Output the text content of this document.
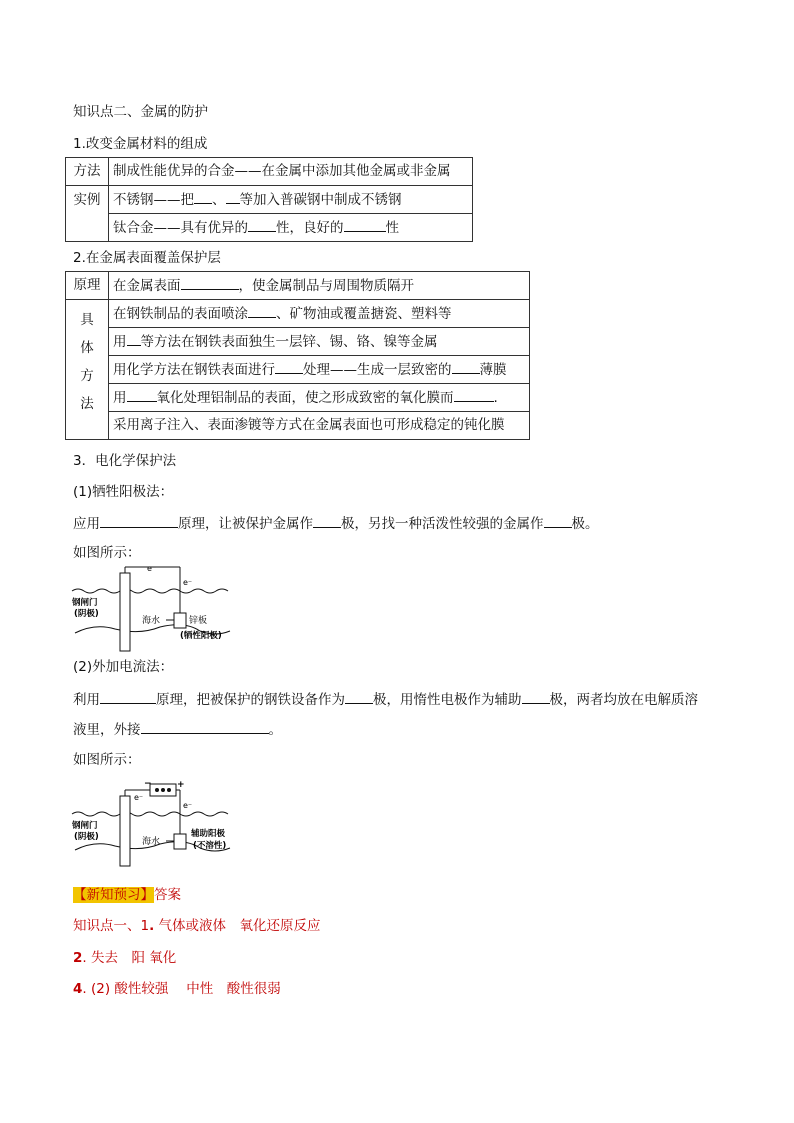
知识点二、金属的防护
1.改变金属材料的组成
方法	制成性能优异的合金——在金属中添加其他金属或非金属
实例	不锈钢——把 、 等加入普碳钢中制成不锈钢
	钛合金——具有优异的 性，良好的 性
2.在金属表面覆盖保护层
原理	在金属表面 ，使金属制品与周围物质隔开

具
体
方
法	在钢铁制品的表面喷涂 、矿物油或覆盖搪瓷、塑料等
	用 等方法在钢铁表面独生一层锌、锡、铬、镍等金属
	用化学方法在钢铁表面进行 处理——生成一层致密的 薄膜
	用 氧化处理铝制品的表面，使之形成致密的氧化膜而 .
	采用离子注入、表面渗镀等方式在金属表面也可形成稳定的钝化膜
3．电化学保护法
(1)牺牲阳极法：
应用	原理，让被保护金属作 极，另找一种活泼性较强的金属作 极。
如图所示：
e⁻
e⁻
钢闸门
(阴极)
海水	锌板
(牺性阳极)
(2)外加电流法：
利用	原理，把被保护的钢铁设备作为 极，用惰性电极作为辅助 极，两者均放在电解质溶
液里，外接	。
如图所示：
−	+
e⁻
e⁻
钢闸门
(阴极)	海水
辅助阳极
(不溶性)
【新知预习】答案
知识点一、1. 气体或液体　氧化还原反应
2. 失去　阳 氧化
4. (2) 酸性较强　 中性　酸性很弱
